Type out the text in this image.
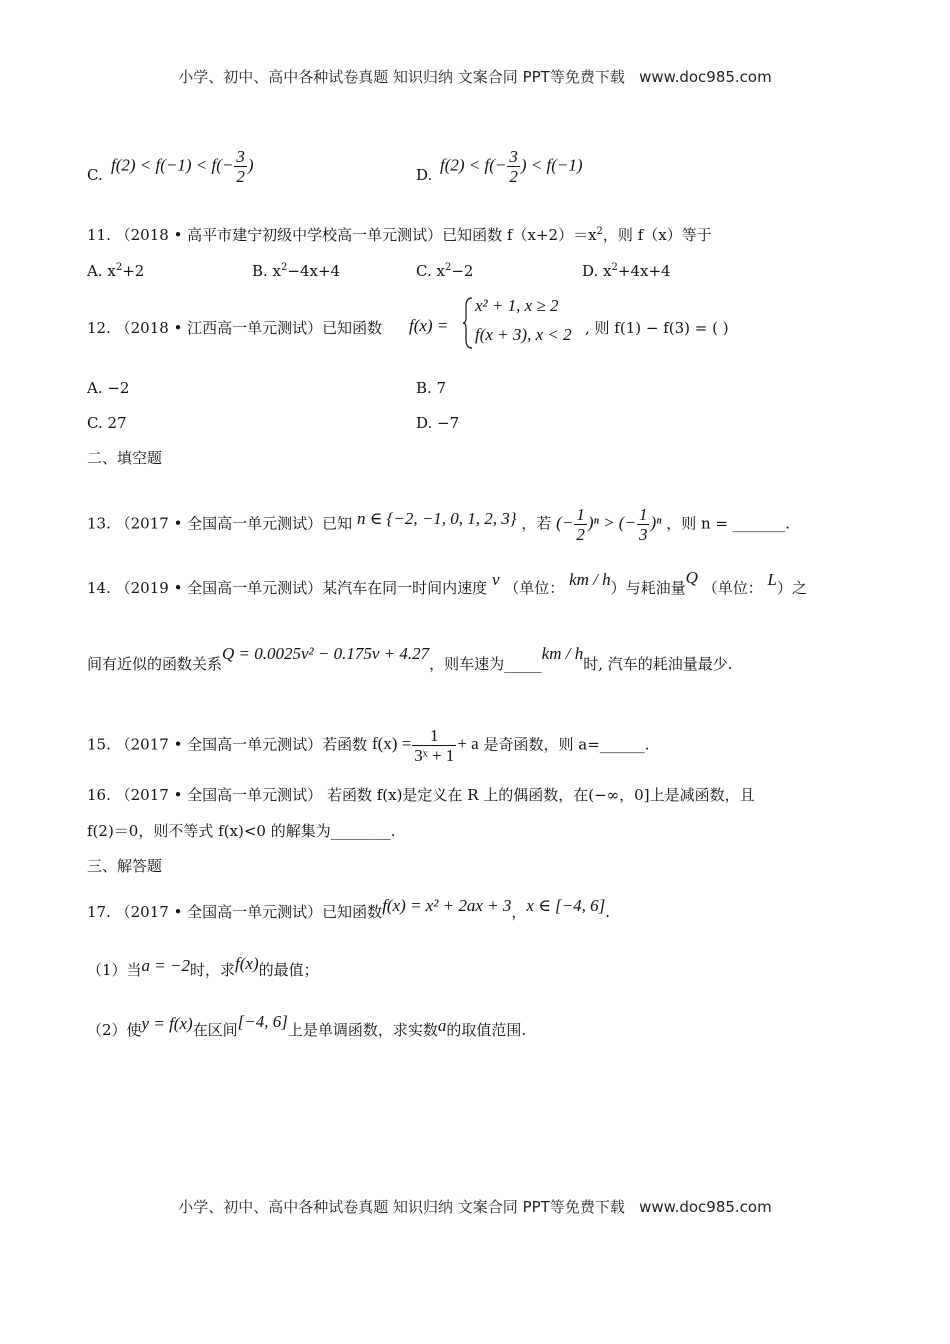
小学、初中、高中各种试卷真题 知识归纳 文案合同 PPT等免费下载 www.doc985.com
C.
$f(2) < f(-1) < f(- \frac{3}{2}$ )
D.
$f(2) < f(- \frac{3}{2}$ ) < f(−1)
11. （2018 • 高平市建宁初级中学校高一单元测试）已知函数 $f(x+2)=x^2$，则 f（x）等于
A. $x^2+2$	B. $x^2-4x+4$	C. $x^2-2$	D. $x^2+4x+4$
12. （2018 • 江西高一单元测试）已知函数 f(x) =
x² + 1, x ≥ 2
f(x + 3), x < 2 , 则 f(1) − f(3) = ( )
A. −2	B. 7
C. 27	D. −7
二、填空题
13. （2017 • 全国高一单元测试）已知 n ∈ {−2, −1, 0, 1, 2, 3} ，若 (− $\frac{1}{2} )^n$ > (− $\frac{1}{3} )^n$ ，则 n = _______.
14. （2019 • 全国高一单元测试）某汽车在同一时间内速度 v （单位： km / h）与耗油量Q （单位： L）之
间有近似的函数关系Q = 0.0025v² − 0.175v + 4.27，则车速为_____km / h时, 汽车的耗油量最少.
15. （2017 • 全国高一单元测试）若函数 $f(x) = \frac{1}{\text{3ˣ + 1}} + a$ 是奇函数，则 a=______.
16. （2017 • 全国高一单元测试） 若函数 f(x)是定义在 R 上的偶函数，在(−∞，0]上是减函数，且
f(2)＝0，则不等式 f(x)<0 的解集为________.
三、解答题
17. （2017 • 全国高一单元测试）已知函数f(x) = x² + 2ax + 3，x ∈ [−4, 6].
（1）当a = −2时，求f(x)的最值；
（2）使y = f(x)在区间[−4, 6]上是单调函数，求实数a的取值范围.
小学、初中、高中各种试卷真题 知识归纳 文案合同 PPT等免费下载 www.doc985.com
